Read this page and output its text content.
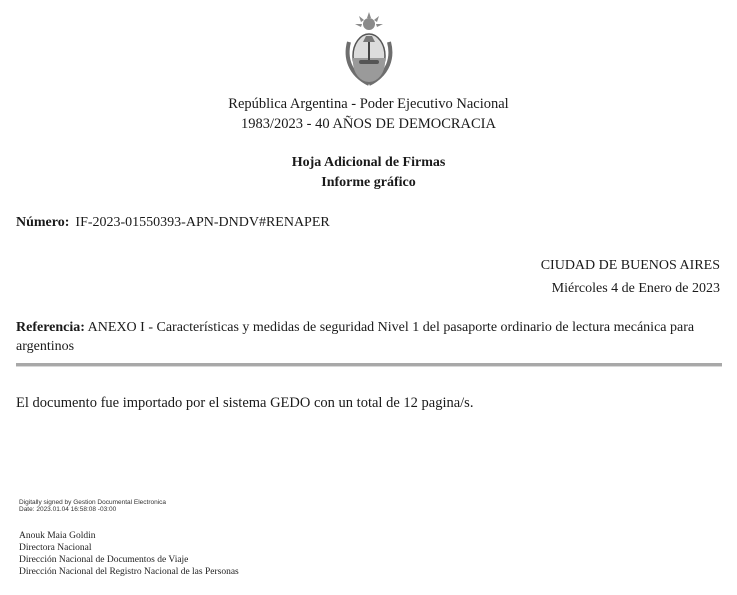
República Argentina - Poder Ejecutivo Nacional
1983/2023 - 40 AÑOS DE DEMOCRACIA
Hoja Adicional de Firmas
Informe gráfico
Número: IF-2023-01550393-APN-DNDV#RENAPER
CIUDAD DE BUENOS AIRES
Miércoles 4 de Enero de 2023
Referencia: ANEXO I - Características y medidas de seguridad Nivel 1 del pasaporte ordinario de lectura mecánica para argentinos
El documento fue importado por el sistema GEDO con un total de 12 pagina/s.
Digitally signed by Gestion Documental Electronica
Date: 2023.01.04 16:58:08 -03:00
Anouk Maia Goldin
Directora Nacional
Dirección Nacional de Documentos de Viaje
Dirección Nacional del Registro Nacional de las Personas
